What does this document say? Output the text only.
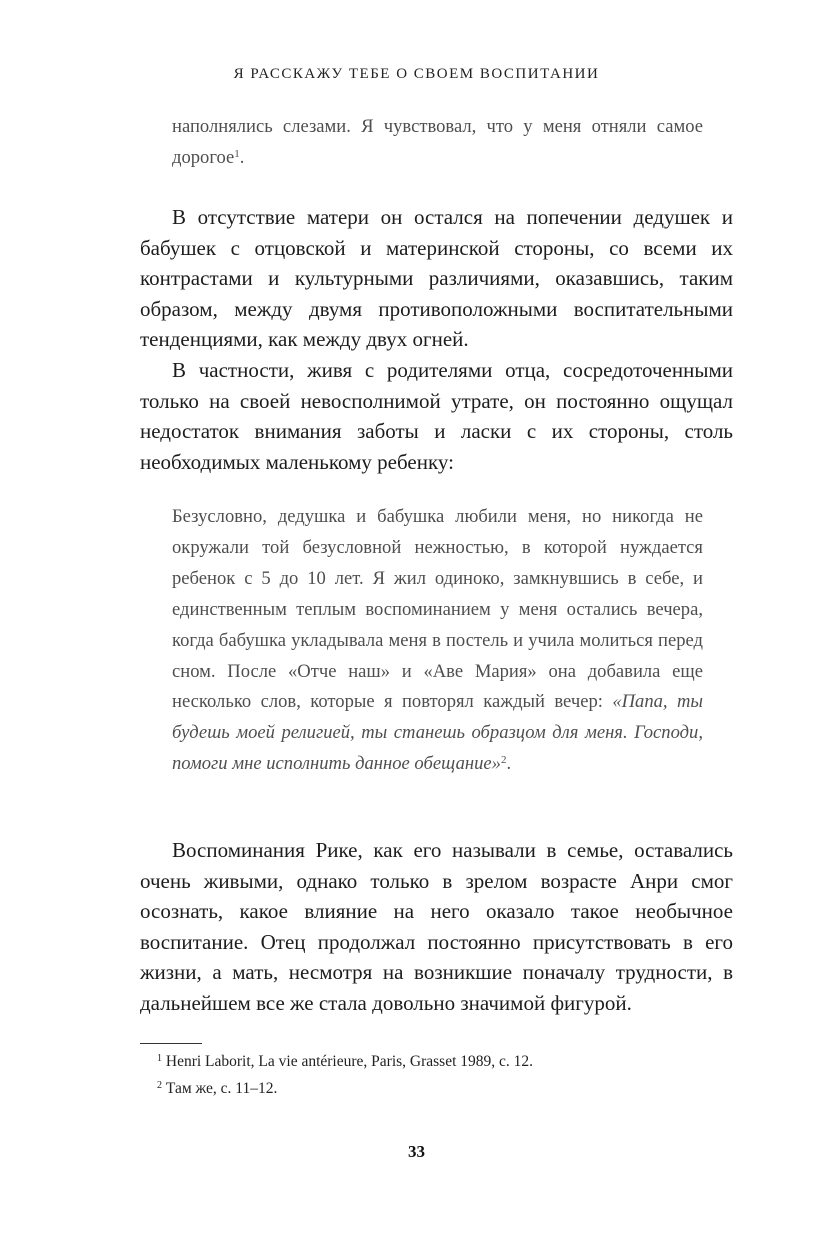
Я РАССКАЖУ ТЕБЕ О СВОЕМ ВОСПИТАНИИ
наполнялись слезами. Я чувствовал, что у меня отняли самое дорогое$^1$.
В отсутствие матери он остался на попечении дедушек и бабушек с отцовской и материнской стороны, со всеми их контрастами и культурными различиями, оказавшись, таким образом, между двумя противоположными воспитательными тенденциями, как между двух огней.
В частности, живя с родителями отца, сосредоточенными только на своей невосполнимой утрате, он постоянно ощущал недостаток внимания заботы и ласки с их стороны, столь необходимых маленькому ребенку:
Безусловно, дедушка и бабушка любили меня, но никогда не окружали той безусловной нежностью, в которой нуждается ребенок с 5 до 10 лет. Я жил одиноко, замкнувшись в себе, и единственным теплым воспоминанием у меня остались вечера, когда бабушка укладывала меня в постель и учила молиться перед сном. После «Отче наш» и «Аве Мария» она добавила еще несколько слов, которые я повторял каждый вечер: «Папа, ты будешь моей религией, ты станешь образцом для меня. Господи, помоги мне исполнить данное обещание»$^2$.
Воспоминания Рике, как его называли в семье, оставались очень живыми, однако только в зрелом возрасте Анри смог осознать, какое влияние на него оказало такое необычное воспитание. Отец продолжал постоянно присутствовать в его жизни, а мать, несмотря на возникшие поначалу трудности, в дальнейшем все же стала довольно значимой фигурой.
$^1$ Henri Laborit, La vie antérieure, Paris, Grasset 1989, с. 12.
$^2$ Там же, с. 11–12.
33
